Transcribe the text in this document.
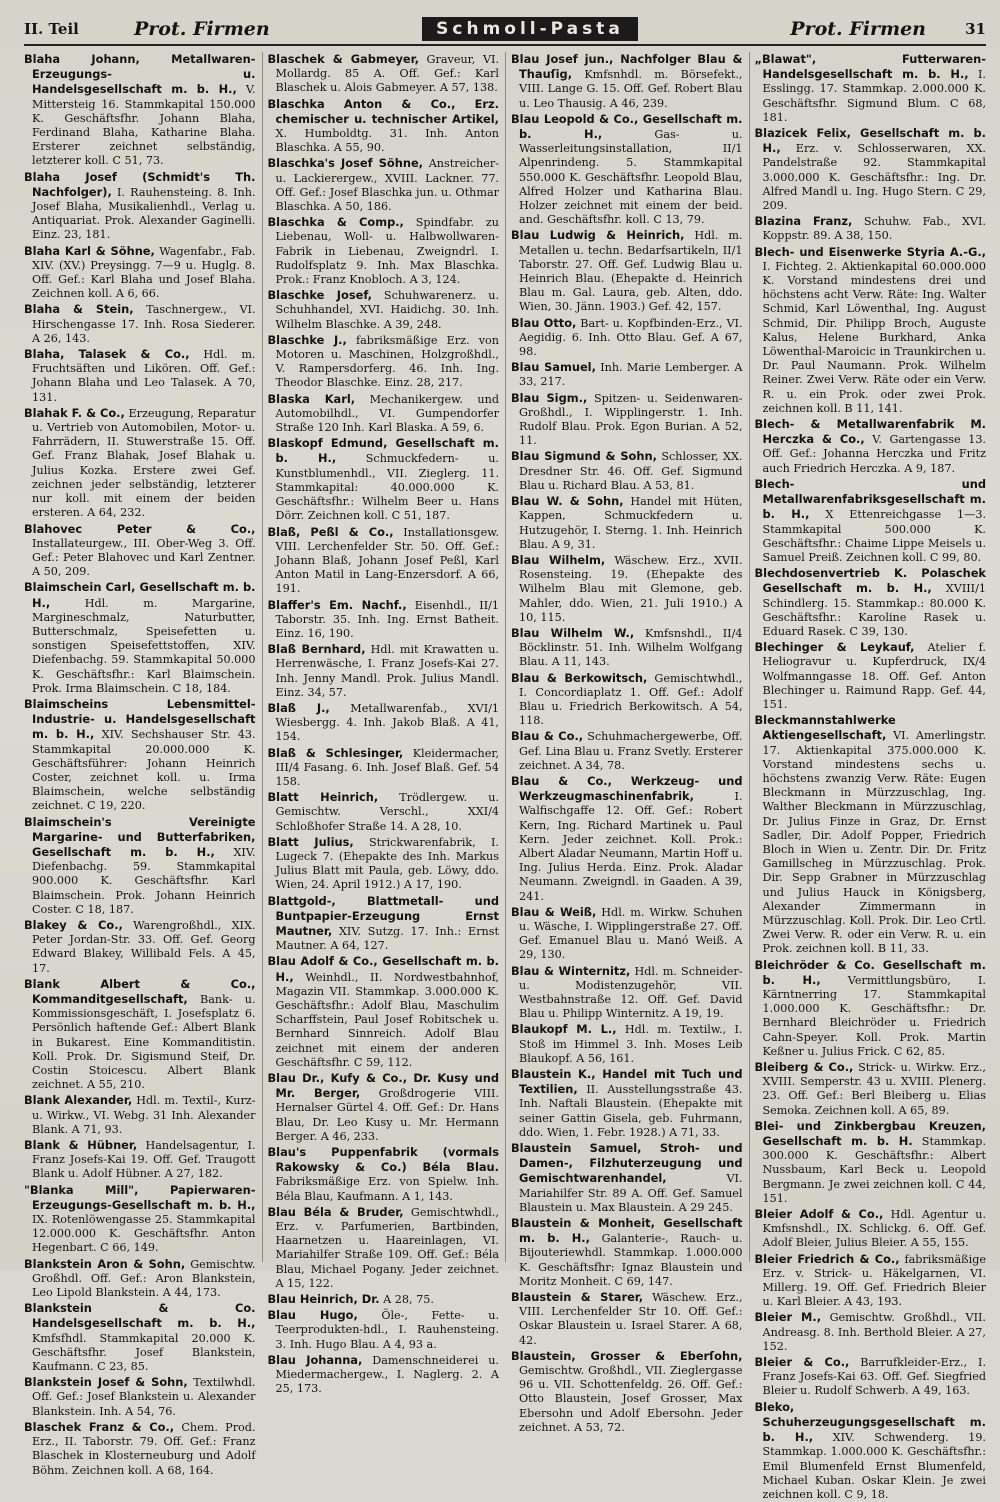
II. Teil	Prot. Firmen	Schmoll-Pasta	Prot. Firmen	31

Blaha Johann, Metallwaren-Erzeugungs- u. Handelsgesellschaft m. b. H., V. Mittersteig 16. Stammkapital 150.000 K. Geschäftsfhr. Johann Blaha, Ferdinand Blaha, Katharine Blaha. Ersterer zeichnet selbständig, letzterer koll. C 51, 73.

Blaha Josef (Schmidt's Th. Nachfolger), I. Rauhensteing. 8. Inh. Josef Blaha, Musikalienhdl., Verlag u. Antiquariat. Prok. Alexander Gaginelli. Einz. 23, 181.

Blaha Karl & Söhne, Wagenfabr., Fab. XIV. (XV.) Preysingg. 7—9 u. Huglg. 8. Off. Gef.: Karl Blaha und Josef Blaha. Zeichnen koll. A 6, 66.

Blaha & Stein, Taschnergew., VI. Hirschengasse 17. Inh. Rosa Siederer. A 26, 143.

Blaha, Talasek & Co., Hdl. m. Fruchtsäften und Likören. Off. Gef.: Johann Blaha und Leo Talasek. A 70, 131.

Blahak F. & Co., Erzeugung, Reparatur u. Vertrieb von Automobilen, Motor- u. Fahrrädern, II. Stuwerstraße 15. Off. Gef. Franz Blahak, Josef Blahak u. Julius Kozka. Erstere zwei Gef. zeichnen jeder selbständig, letzterer nur koll. mit einem der beiden ersteren. A 64, 232.

Blahovec Peter & Co., Installateurgew., III. Ober-Weg 3. Off. Gef.: Peter Blahovec und Karl Zentner. A 50, 209.

Blaimschein Carl, Gesellschaft m. b. H.,	Hdl. m. Margarine, Margineschmalz, Naturbutter, Butterschmalz, Speisefetten u. sonstigen Speisefettstoffen, XIV. Diefenbachg. 59. Stammkapital 50.000 K. Geschäftsfhr.: Karl Blaimschein. Prok. Irma Blaimschein. C 18, 184.

Blaimscheins Lebensmittel-Industrie- u. Handelsgesellschaft m. b. H., XIV. Sechshauser Str. 43. Stammkapital 20.000.000 K. Geschäftsführer: Johann Heinrich Coster, zeichnet koll. u. Irma Blaimschein, welche selbständig zeichnet. C 19, 220.

Blaimschein's Vereinigte Margarine- und Butterfabriken, Gesellschaft m. b. H., XIV. Diefenbachg. 59. Stammkapital 900.000 K. Geschäftsfhr. Karl Blaimschein. Prok. Johann Heinrich Coster. C 18, 187.

Blakey & Co., Warengroßhdl., XIX. Peter Jordan-Str. 33. Off. Gef. Georg Edward Blakey, Willibald Fels. A 45, 17.

Blank Albert & Co., Kommanditgesellschaft, Bank- u. Kommissionsgeschäft, I. Josefsplatz 6. Persönlich haftende Gef.: Albert Blank in Bukarest. Eine Kommanditistin. Koll. Prok. Dr. Sigismund Steif, Dr. Costin Stoicescu. Albert Blank zeichnet. A 55, 210.

Blank Alexander, Hdl. m. Textil-, Kurz- u. Wirkw., VI. Webg. 31 Inh. Alexander Blank. A 71, 93.

Blank & Hübner, Handelsagentur, I. Franz Josefs-Kai 19. Off. Gef. Traugott Blank u. Adolf Hübner. A 27, 182.

"Blanka Mill", Papierwaren-Erzeugungs-Gesellschaft m. b. H., IX. Rotenlöwengasse 25. Stammkapital 12.000.000 K. Geschäftsfhr. Anton Hegenbart. C 66, 149.

Blankstein Aron & Sohn, Gemischtw. Großhdl. Off. Gef.: Aron Blankstein, Leo Lipold Blankstein. A 44, 173.

Blankstein & Co. Handelsgesellschaft m. b. H., Kmfsfhdl. Stammkapital 20.000 K. Geschäftsfhr. Josef Blankstein, Kaufmann. C 23, 85.

Blankstein Josef & Sohn, Textilwhdl. Off. Gef.: Josef Blankstein u. Alexander Blankstein. Inh. A 54, 76.

Blaschek Franz & Co., Chem. Prod. Erz., II. Taborstr. 79. Off. Gef.: Franz Blaschek in Klosterneuburg und Adolf Böhm. Zeichnen koll. A 68, 164.

Blaschek & Gabmeyer, Graveur, VI. Mollardg. 85 A. Off. Gef.: Karl Blaschek u. Alois Gabmeyer. A 57, 138.

Blaschka Anton & Co., Erz. chemischer u. technischer Artikel, X. Humboldtg. 31. Inh. Anton Blaschka. A 55, 90.

Blaschka's Josef Söhne, Anstreicher- u. Lackierergew., XVIII. Lackner. 77. Off. Gef.: Josef Blaschka jun. u. Othmar Blaschka. A 50, 186.

Blaschka & Comp., Spindfabr. zu Liebenau, Woll- u. Halbwollwaren-Fabrik in Liebenau, Zweigndrl. I. Rudolfsplatz 9. Inh. Max Blaschka. Prok.: Franz Knobloch. A 3, 124.

Blaschke Josef, Schuhwarenerz. u. Schuhhandel, XVI. Haidichg. 30. Inh. Wilhelm Blaschke. A 39, 248.

Blaschke J., fabriksmäßige Erz. von Motoren u. Maschinen, Holzgroßhdl., V. Rampersdorferg. 46. Inh. Ing. Theodor Blaschke. Einz. 28, 217.

Blaska Karl, Mechanikergew. und Automobilhdl., VI. Gumpendorfer Straße 120 Inh. Karl Blaska. A 59, 6.

Blaskopf Edmund, Gesellschaft m. b. H.,	Schmuckfedern- u. Kunstblumenhdl., VII. Zieglerg. 11. Stammkapital: 40.000.000 K. Geschäftsfhr.: Wilhelm Beer u. Hans Dörr. Zeichnen koll. C 51, 187.

Blaß, Peßl & Co., Installationsgew. VIII. Lerchenfelder Str. 50. Off. Gef.: Johann Blaß, Johann Josef Peßl, Karl Anton Matil in Lang-Enzersdorf. A 66, 191.

Blaffer's Em. Nachf., Eisenhdl., II/1 Taborstr. 35. Inh. Ing. Ernst Batheit. Einz. 16, 190.

Blaß Bernhard, Hdl. mit Krawatten u. Herrenwäsche, I. Franz Josefs-Kai 27. Inh. Jenny Mandl. Prok. Julius Mandl. Einz. 34, 57.

Blaß J., Metallwarenfab., XVI/1 Wiesbergg. 4. Inh. Jakob Blaß. A 41, 154.

Blaß & Schlesinger, Kleidermacher, III/4 Fasang. 6. Inh. Josef Blaß. Gef. 54 158.

Blatt Heinrich, Trödlergew. u. Gemischtw. Verschl., XXI/4 Schloßhofer Straße 14. A 28, 10.

Blatt Julius, Strickwarenfabrik, I. Lugeck 7. (Ehepakte des Inh. Markus Julius Blatt mit Paula, geb. Löwy, ddo. Wien, 24. April 1912.) A 17, 190.

Blattgold-, Blattmetall- und Buntpapier-Erzeugung Ernst Mautner, XIV. Sutzg. 17. Inh.: Ernst Mautner. A 64, 127.

Blau Adolf & Co., Gesellschaft m. b. H., Weinhdl., II. Nordwestbahnhof, Magazin VII. Stammkap. 3.000.000 K. Geschäftsfhr.: Adolf Blau, Maschulim Scharffstein, Paul Josef Robitschek u. Bernhard Sinnreich. Adolf Blau zeichnet mit einem der anderen Geschäftsfhr. C 59, 112.

Blau Dr., Kufy & Co., Dr. Kusy und Mr. Berger, Großdrogerie VIII. Hernalser Gürtel 4. Off. Gef.: Dr. Hans Blau, Dr. Leo Kusy u. Mr. Hermann Berger. A 46, 233.

Blau's Puppenfabrik (vormals Rakowsky & Co.) Béla Blau. Fabriksmäßige Erz. von Spielw. Inh. Béla Blau, Kaufmann. A 1, 143.

Blau Béla & Bruder, Gemischtwhdl., Erz. v. Parfumerien, Bartbinden, Haarnetzen u. Haareinlagen, VI. Mariahilfer Straße 109. Off. Gef.: Béla Blau, Michael Pogany. Jeder zeichnet. A 15, 122.

Blau Heinrich, Dr. A 28, 75.

Blau Hugo, Öle-, Fette- u. Teerprodukten-hdl., I. Rauhensteing. 3. Inh. Hugo Blau. A 4, 93 a.

Blau Johanna, Damenschneiderei u. Miedermachergew., I. Naglerg. 2. A 25, 173.

Blau Josef jun., Nachfolger Blau & Thauſig, Kmfsnhdl. m. Börsefekt., VIII. Lange G. 15. Off. Gef. Robert Blau u. Leo Thausig. A 46, 239.

Blau Leopold & Co., Gesellschaft m. b. H.,	Gas- u. Wasserleitungsinstallation, II/1 Alpenrindeng. 5. Stammkapital 550.000 K. Geschäftsfhr. Leopold Blau, Alfred Holzer und Katharina Blau. Holzer zeichnet mit einem der beid. and. Geschäftsfhr. koll. C 13, 79.

Blau Ludwig & Heinrich, Hdl. m. Metallen u. techn. Bedarfsartikeln, II/1 Taborstr. 27. Off. Gef. Ludwig Blau u. Heinrich Blau. (Ehepakte d. Heinrich Blau m. Gal. Laura, geb. Alten, ddo. Wien, 30. Jänn. 1903.) Gef. 42, 157.

Blau Otto, Bart- u. Kopfbinden-Erz., VI. Aegidig. 6. Inh. Otto Blau. Gef. A 67, 98.

Blau Samuel, Inh. Marie Lemberger. A 33, 217.

Blau Sigm., Spitzen- u. Seidenwaren-Großhdl., I. Wipplingerstr. 1. Inh. Rudolf Blau. Prok. Egon Burian. A 52, 11.

Blau Sigmund & Sohn, Schlosser, XX. Dresdner Str. 46. Off. Gef. Sigmund Blau u. Richard Blau. A 53, 81.

Blau W. & Sohn, Handel mit Hüten, Kappen, Schmuckfedern u. Hutzugehör, I. Sterng. 1. Inh. Heinrich Blau. A 9, 31.

Blau Wilhelm, Wäschew. Erz., XVII. Rosensteing. 19. (Ehepakte des Wilhelm Blau mit Glemone, geb. Mahler, ddo. Wien, 21. Juli 1910.) A 10, 115.

Blau Wilhelm W., Kmfsnshdl., II/4 Böcklinstr. 51. Inh. Wilhelm Wolfgang Blau. A 11, 143.

Blau & Berkowitsch, Gemischtwhdl., I. Concordiaplatz 1. Off. Gef.: Adolf Blau u. Friedrich Berkowitsch. A 54, 118.

Blau & Co., Schuhmachergewerbe, Off. Gef. Lina Blau u. Franz Svetly. Ersterer zeichnet. A 34, 78.

Blau & Co., Werkzeug- und Werkzeugmaschinenfabrik,	I. Walfischgaffe 12. Off. Gef.: Robert Kern, Ing. Richard Martinek u. Paul Kern. Jeder zeichnet. Koll. Prok.: Albert Aladar Neumann, Martin Hoff u. Ing. Julius Herda. Einz. Prok. Aladar Neumann. Zweigndl. in Gaaden. A 39, 241.

Blau & Weiß, Hdl. m. Wirkw. Schuhen u. Wäsche, I. Wipplingerstraße 27. Off. Gef. Emanuel Blau u. Manó Weiß. A 29, 130.

Blau & Winternitz, Hdl. m. Schneider- u. Modistenzugehör, VII. Westbahnstraße 12. Off. Gef. David Blau u. Philipp Winternitz. A 19, 19.

Blaukopf M. L., Hdl. m. Textilw., I. Stoß im Himmel 3. Inh. Moses Leib Blaukopf. A 56, 161.

Blaustein K., Handel mit Tuch und Textilien, II. Ausstellungsstraße 43. Inh. Naftali Blaustein. (Ehepakte mit seiner Gattin Gisela, geb. Fuhrmann, ddo. Wien, 1. Febr. 1928.) A 71, 33.

Blaustein Samuel, Stroh- und Damen-, Filzhuterzeugung und Gemischtwarenhandel,	VI. Mariahilfer Str. 89 A. Off. Gef. Samuel Blaustein u. Max Blaustein. A 29 245.

Blaustein & Monheit, Gesellschaft m. b. H., Galanterie-, Rauch- u. Bijouteriewhdl. Stammkap. 1.000.000 K. Geschäftsfhr: Ignaz Blaustein und Moritz Monheit. C 69, 147.

Blaustein & Starer, Wäschew. Erz., VIII. Lerchenfelder Str 10. Off. Gef.: Oskar Blaustein u. Israel Starer. A 68, 42.

Blaustein, Grosser & Eberſohn, Gemischtw. Großhdl., VII. Zieglergasse 96 u. VII. Schottenfeldg. 26. Off. Gef.: Otto Blaustein, Josef Grosser, Max Ebersohn und Adolf Ebersohn. Jeder zeichnet. A 53, 72.

„Blawat", Futterwaren-Handelsgesellschaft m. b. H., I. Esslingg. 17. Stammkap. 2.000.000 K. Geschäftsfhr. Sigmund Blum. C 68, 181.

Blazicek Felix, Gesellschaft m. b. H., Erz. v. Schlosserwaren, XX. Pandelstraße 92. Stammkapital 3.000.000 K. Geschäftsfhr.: Ing. Dr. Alfred Mandl u. Ing. Hugo Stern. C 29, 209.

Blazina Franz, Schuhw. Fab., XVI. Koppstr. 89. A 38, 150.

Blech- und Eisenwerke Styria A.-G., I. Fichteg. 2. Aktienkapital 60.000.000 K. Vorstand mindestens drei und höchstens acht Verw. Räte: Ing. Walter Schmid, Karl Löwenthal, Ing. August Schmid, Dir. Philipp Broch, Auguste Kalus, Helene Burkhard, Anka Löwenthal-Maroicic in Traunkirchen u. Dr. Paul Naumann. Prok. Wilhelm Reiner. Zwei Verw. Räte oder ein Verw. R. u. ein Prok. oder zwei Prok. zeichnen koll. B 11, 141.

Blech- & Metallwarenfabrik M. Herczka & Co., V. Gartengasse 13. Off. Gef.: Johanna Herczka und Fritz auch Friedrich Herczka. A 9, 187.

Blech- und Metallwarenfabriksgesellschaft m. b. H., X Ettenreichgasse 1—3. Stammkapital 500.000 K. Geschäftsfhr.: Chaime Lippe Meisels u. Samuel Preiß. Zeichnen koll. C 99, 80.

Blechdosenvertrieb K. Polaschek Gesellschaft m. b. H., XVIII/1 Schindlerg. 15. Stammkap.: 80.000 K. Geschäftsfhr.: Karoline Rasek u. Eduard Rasek. C 39, 130.

Blechinger & Leykauf, Atelier f. Heliogravur u. Kupferdruck, IX/4 Wolfmanngasse 18. Off. Gef. Anton Blechinger u. Raimund Rapp. Gef. 44, 151.

Bleckmannstahlwerke Aktiengesellschaft, VI. Amerlingstr. 17. Aktienkapital 375.000.000 K. Vorstand mindestens sechs u. höchstens zwanzig Verw. Räte: Eugen Bleckmann in Mürzzuschlag, Ing. Walther Bleckmann in Mürzzuschlag, Dr. Julius Finze in Graz, Dr. Ernst Sadler, Dir. Adolf Popper, Friedrich Bloch in Wien u. Zentr. Dir. Dr. Fritz Gamillscheg in Mürzzuschlag. Prok. Dir. Sepp Grabner in Mürzzuschlag und Julius Hauck in Königsberg, Alexander Zimmermann in Mürzzuschlag. Koll. Prok. Dir. Leo Crtl. Zwei Verw. R. oder ein Verw. R. u. ein Prok. zeichnen koll. B 11, 33.

Bleichröder & Co. Gesellschaft m. b. H., Vermittlungsbüro, I. Kärntnerring 17. Stammkapital 1.000.000 K. Geschäftsfhr.: Dr. Bernhard Bleichröder u. Friedrich Cahn-Speyer. Koll. Prok. Martin Keßner u. Julius Frick. C 62, 85.

Bleiberg & Co., Strick- u. Wirkw. Erz., XVIII. Semperstr. 43 u. XVIII. Plenerg. 23. Off. Gef.: Berl Bleiberg u. Elias Semoka. Zeichnen koll. A 65, 89.

Blei- und Zinkbergbau Kreuzen, Gesellschaft m. b. H. Stammkap. 300.000 K. Geschäftsfhr.: Albert Nussbaum, Karl Beck u. Leopold Bergmann. Je zwei zeichnen koll. C 44, 151.

Bleier Adolf & Co., Hdl. Agentur u. Kmfsnshdl., IX. Schlickg. 6. Off. Gef. Adolf Bleier, Julius Bleier. A 55, 155.

Bleier Friedrich & Co., fabriksmäßige Erz. v. Strick- u. Häkelgarnen, VI. Millerg. 19. Off. Gef. Friedrich Bleier u. Karl Bleier. A 43, 193.

Bleier M., Gemischtw. Großhdl., VII. Andreasg. 8. Inh. Berthold Bleier. A 27, 152.

Bleier & Co., Barrufkleider-Erz., I. Franz Josefs-Kai 63. Off. Gef. Siegfried Bleier u. Rudolf Schwerb. A 49, 163.

Bleko, Schuherzeugungsgesellschaft m. b. H., XIV. Schwenderg. 19. Stammkap. 1.000.000 K. Geschäftsfhr.: Emil Blumenfeld Ernst Blumenfeld, Michael Kuban. Oskar Klein. Je zwei zeichnen koll. C 9, 18.
